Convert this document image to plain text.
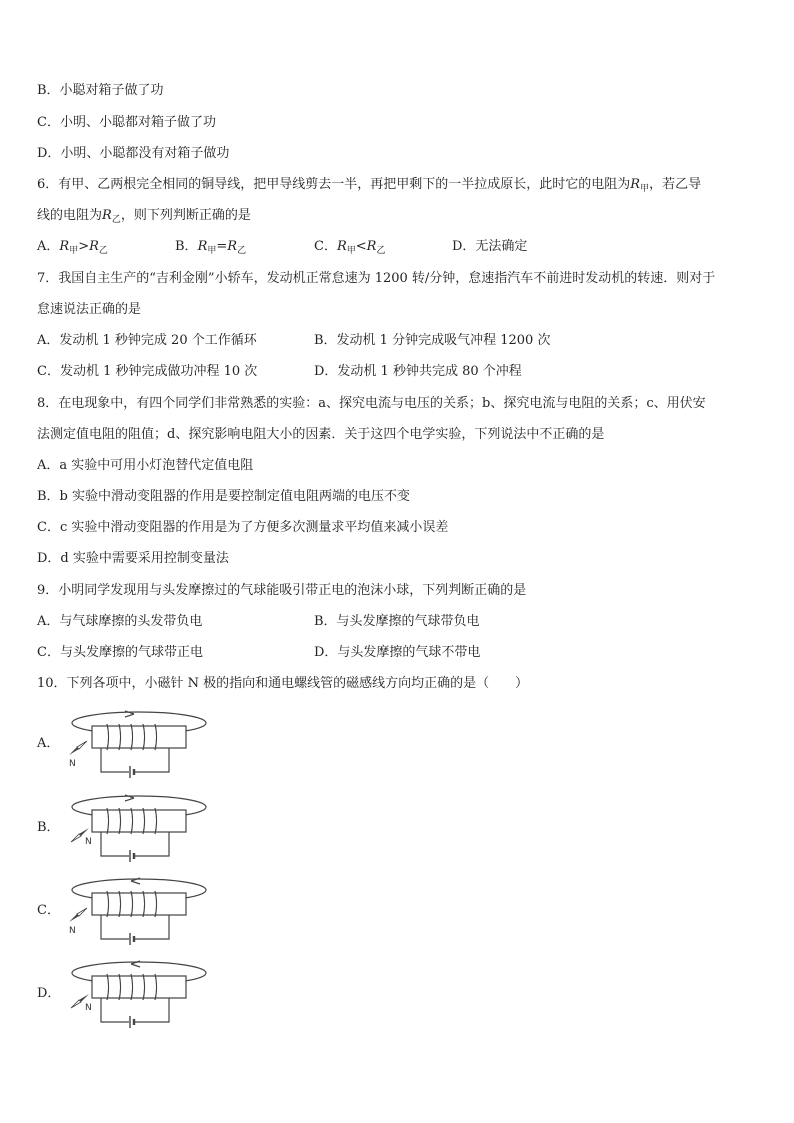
B．小聪对箱子做了功
C．小明、小聪都对箱子做了功
D．小明、小聪都没有对箱子做功
6．有甲、乙两根完全相同的铜导线，把甲导线剪去一半，再把甲剩下的一半拉成原长，此时它的电阻为$R_甲$，若乙导
线的电阻为$R_乙$，则下列判断正确的是
A．$R_甲>R_乙$	B．$R_甲=R_乙$	C．$R_甲<R_乙$	D．无法确定
7．我国自主生产的“吉利金刚”小轿车，发动机正常怠速为 1200 转/分钟，怠速指汽车不前进时发动机的转速．则对于
怠速说法正确的是
A．发动机 1 秒钟完成 20 个工作循环	B．发动机 1 分钟完成吸气冲程 1200 次
C．发动机 1 秒钟完成做功冲程 10 次	D．发动机 1 秒钟共完成 80 个冲程
8．在电现象中，有四个同学们非常熟悉的实验：a、探究电流与电压的关系；b、探究电流与电阻的关系；c、用伏安
法测定值电阻的阻值；d、探究影响电阻大小的因素．关于这四个电学实验，下列说法中不正确的是
A．a 实验中可用小灯泡替代定值电阻
B．b 实验中滑动变阻器的作用是要控制定值电阻两端的电压不变
C．c 实验中滑动变阻器的作用是为了方便多次测量求平均值来减小误差
D．d 实验中需要采用控制变量法
9．小明同学发现用与头发摩擦过的气球能吸引带正电的泡沫小球，下列判断正确的是
A．与气球摩擦的头发带负电	B．与头发摩擦的气球带负电
C．与头发摩擦的气球带正电	D．与头发摩擦的气球不带电
10．下列各项中，小磁针 N 极的指向和通电螺线管的磁感线方向均正确的是（　　）
A．
N
B．
N
C．
N
D．
N
